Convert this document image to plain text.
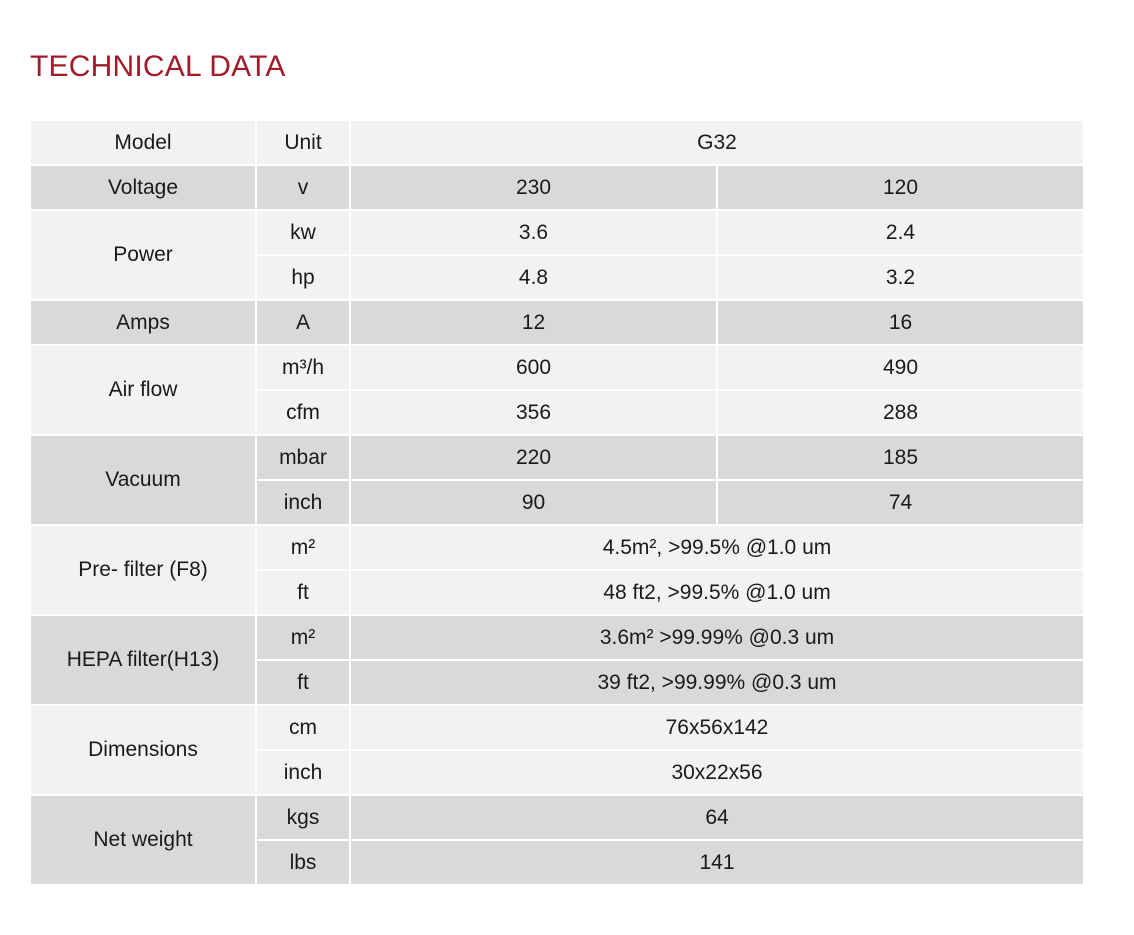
TECHNICAL DATA
Model	Unit	G32	
Voltage	v	230	120
Power	kw	3.6	2.4
	hp	4.8	3.2
Amps	A	12	16
Air flow	m³/h	600	490
	cfm	356	288
Vacuum	mbar	220	185
	inch	90	74
Pre- filter (F8)	m²	4.5m², >99.5% @1.0 um	
	ft	48 ft2, >99.5% @1.0 um	
HEPA filter(H13)	m²	3.6m² >99.99% @0.3 um	
	ft	39 ft2, >99.99% @0.3 um	
Dimensions	cm	76x56x142	
	inch	30x22x56	
Net weight	kgs	64	
	lbs	141	
